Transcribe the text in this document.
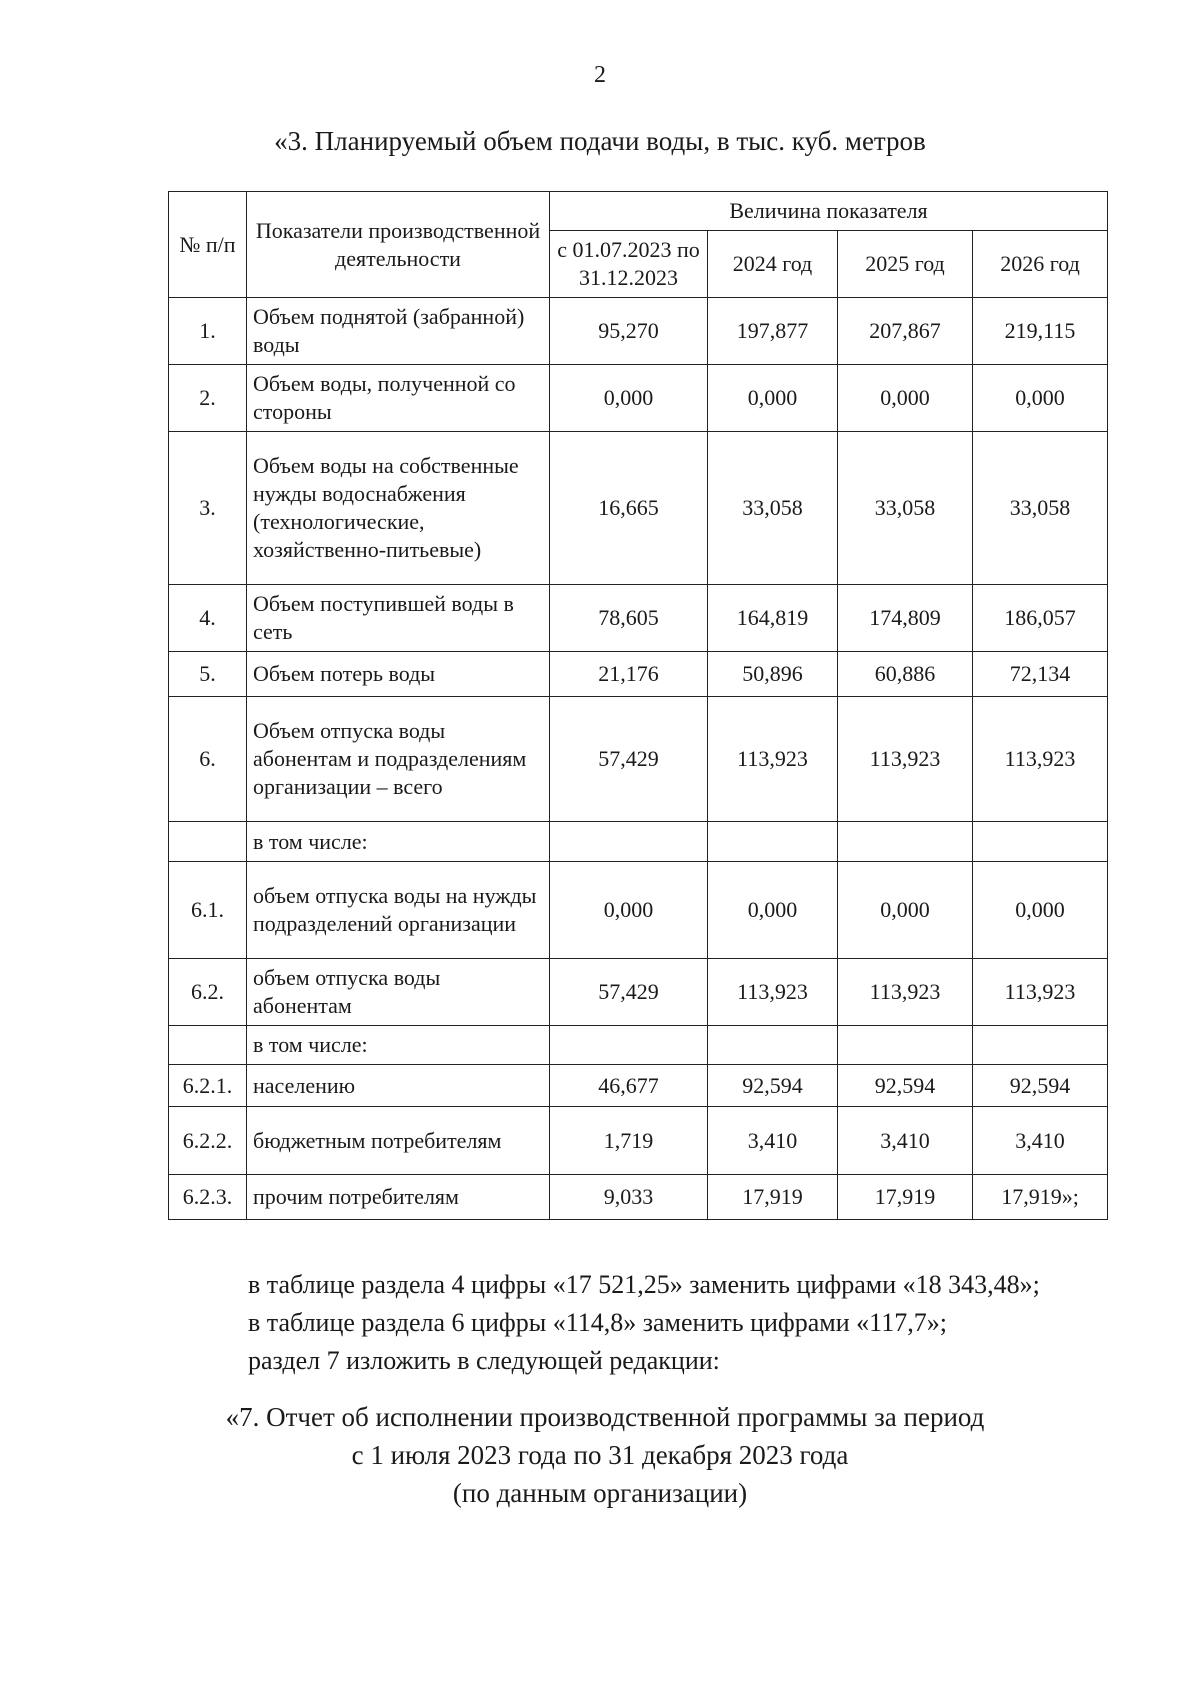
2
«3. Планируемый объем подачи воды, в тыс. куб. метров
№ п/п	Показатели производственной деятельности	Величина показателя			
		с 01.07.2023 по 31.12.2023	2024 год	2025 год	2026 год
1.	Объем поднятой (забранной) воды	95,270	197,877	207,867	219,115
2.	Объем воды, полученной со стороны	0,000	0,000	0,000	0,000
3.	Объем воды на собственные нужды водоснабжения (технологические, хозяйственно-питьевые)	16,665	33,058	33,058	33,058
4.	Объем поступившей воды в сеть	78,605	164,819	174,809	186,057
5.	Объем потерь воды	21,176	50,896	60,886	72,134
6.	Объем отпуска воды абонентам и подразделениям организации – всего	57,429	113,923	113,923	113,923
	в том числе:				
6.1.	объем отпуска воды на нужды подразделений организации	0,000	0,000	0,000	0,000
6.2.	объем отпуска воды абонентам	57,429	113,923	113,923	113,923
	в том числе:				
6.2.1.	населению	46,677	92,594	92,594	92,594
6.2.2.	бюджетным потребителям	1,719	3,410	3,410	3,410
6.2.3.	прочим потребителям	9,033	17,919	17,919	17,919»;

в таблице раздела 4 цифры «17 521,25» заменить цифрами «18 343,48»;

в таблице раздела 6 цифры «114,8» заменить цифрами «117,7»;

раздел 7 изложить в следующей редакции:

«7. Отчет об исполнении производственной программы за период

с 1 июля 2023 года по 31 декабря 2023 года

(по данным организации)
